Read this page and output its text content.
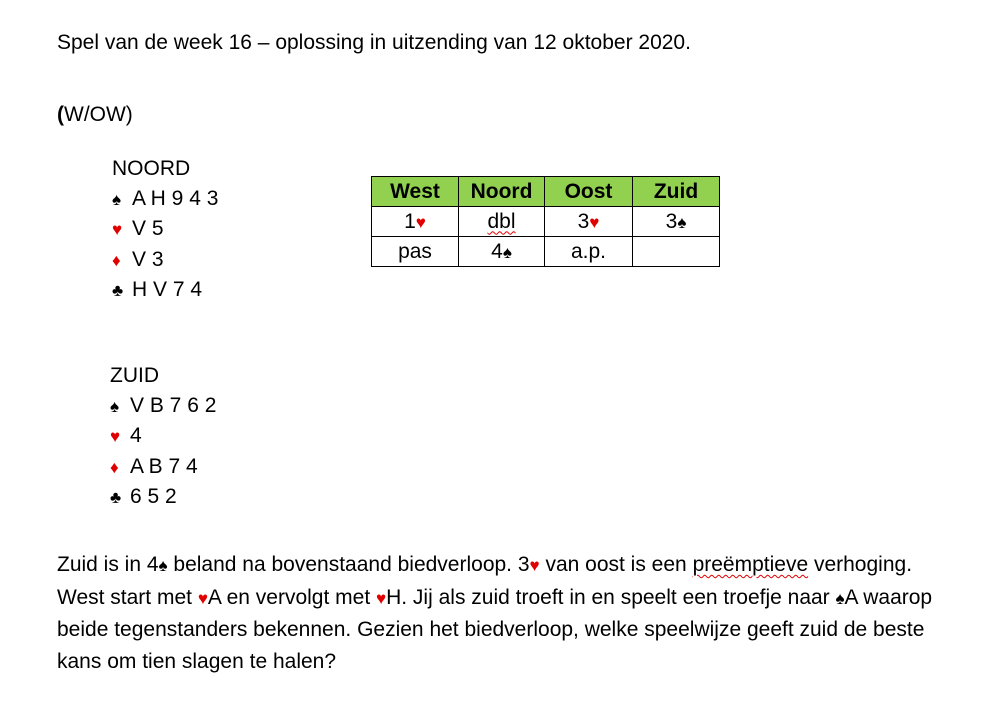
Spel van de week 16 – oplossing in uitzending van 12 oktober 2020.
(W/OW)
NOORD
♠ A H 9 4 3
♥ V 5
♦ V 3
♣ H V 7 4
West	Noord	Oost	Zuid
1♥	dbl	3♥	3♠
pas	4♠	a.p.	
ZUID
♠ V B 7 6 2
♥ 4
♦ A B 7 4
♣ 6 5 2
Zuid is in 4♠ beland na bovenstaand biedverloop. 3♥ van oost is een preëmptieve verhoging. West start met ♥A en vervolgt met ♥H. Jij als zuid troeft in en speelt een troefje naar ♠A waarop beide tegenstanders bekennen. Gezien het biedverloop, welke speelwijze geeft zuid de beste kans om tien slagen te halen?
